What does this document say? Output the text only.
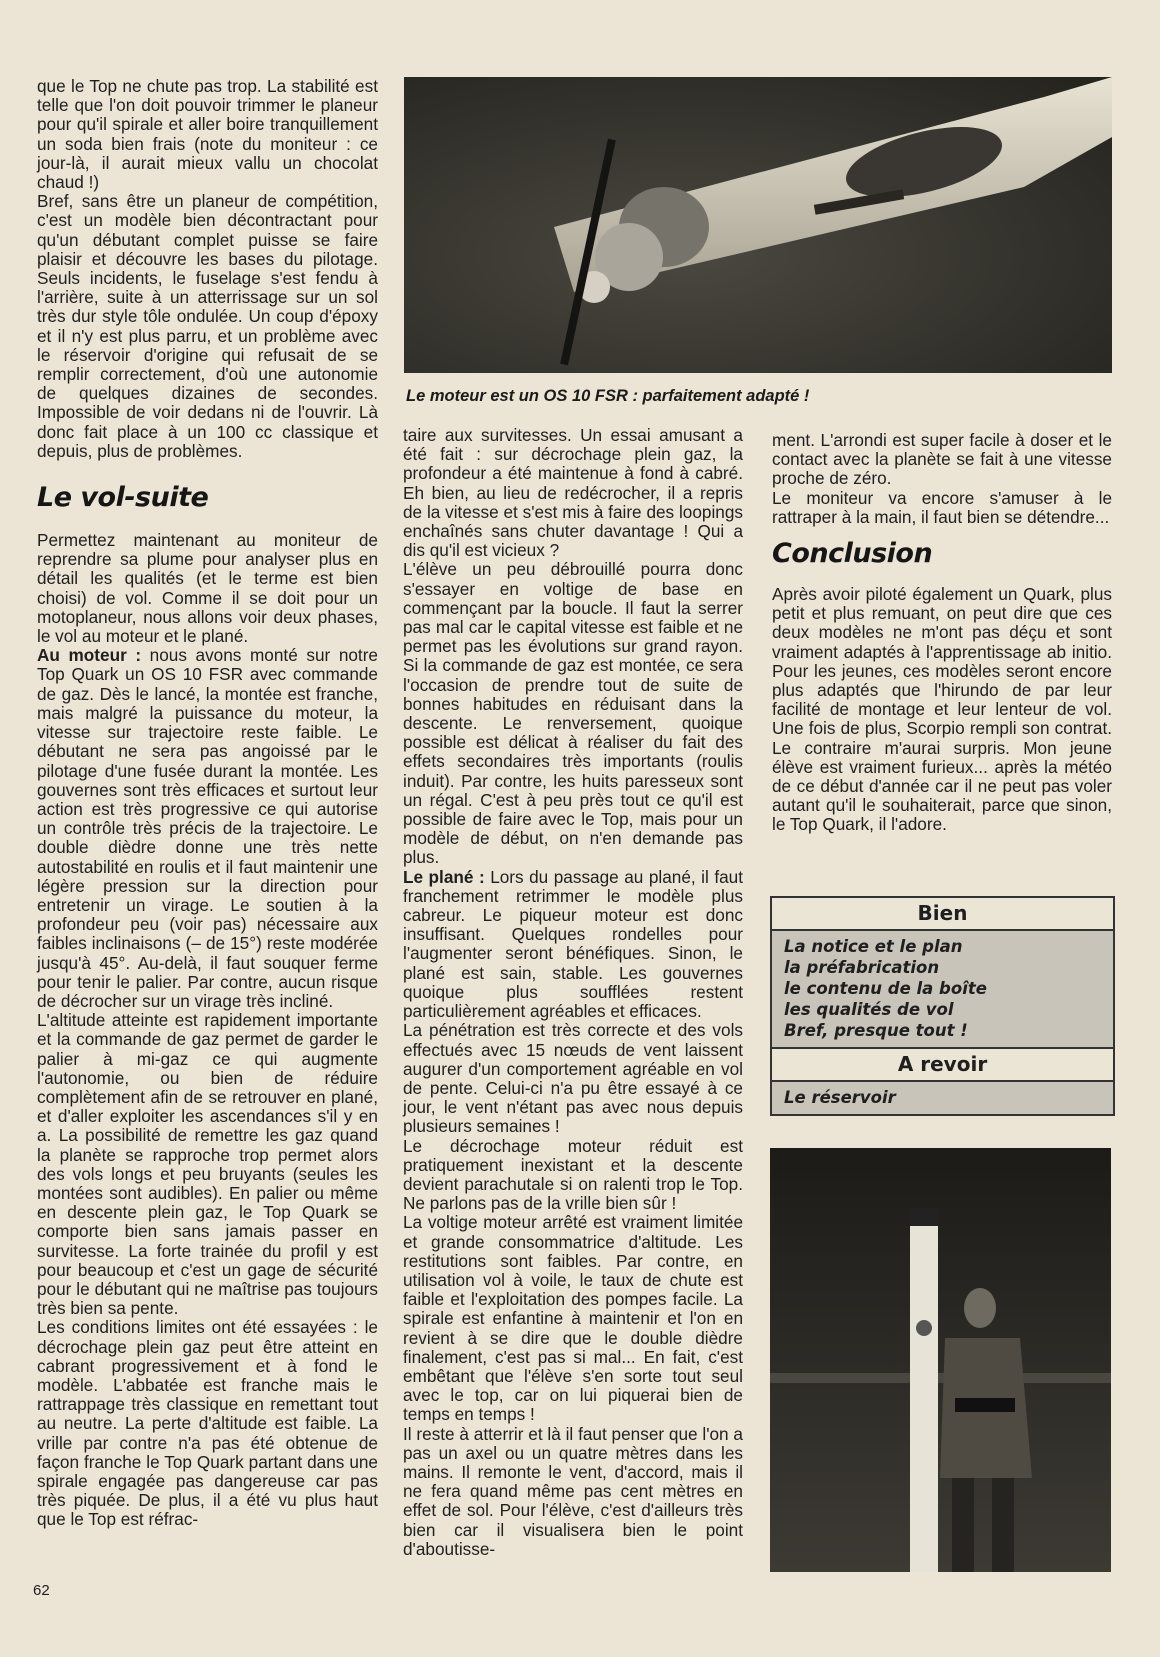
que le Top ne chute pas trop. La stabilité est telle que l'on doit pouvoir trimmer le planeur pour qu'il spirale et aller boire tranquillement un soda bien frais (note du moniteur : ce jour-là, il aurait mieux vallu un chocolat chaud !)

Bref, sans être un planeur de compétition, c'est un modèle bien décontractant pour qu'un débutant complet puisse se faire plaisir et découvre les bases du pilotage. Seuls incidents, le fuselage s'est fendu à l'arrière, suite à un atterrissage sur un sol très dur style tôle ondulée. Un coup d'époxy et il n'y est plus parru, et un problème avec le réservoir d'origine qui refusait de se remplir correctement, d'où une autonomie de quelques dizaines de secondes. Impossible de voir dedans ni de l'ouvrir. Là donc fait place à un 100 cc classique et depuis, plus de problèmes.

Le vol-suite

Permettez maintenant au moniteur de reprendre sa plume pour analyser plus en détail les qualités (et le terme est bien choisi) de vol. Comme il se doit pour un motoplaneur, nous allons voir deux phases, le vol au moteur et le plané.

Au moteur : nous avons monté sur notre Top Quark un OS 10 FSR avec commande de gaz. Dès le lancé, la montée est franche, mais malgré la puissance du moteur, la vitesse sur trajectoire reste faible. Le débutant ne sera pas angoissé par le pilotage d'une fusée durant la montée. Les gouvernes sont très efficaces et surtout leur action est très progressive ce qui autorise un contrôle très précis de la trajectoire. Le double dièdre donne une très nette autostabilité en roulis et il faut maintenir une légère pression sur la direction pour entretenir un virage. Le soutien à la profondeur peu (voir pas) nécessaire aux faibles inclinaisons (– de 15°) reste modérée jusqu'à 45°. Au-delà, il faut souquer ferme pour tenir le palier. Par contre, aucun risque de décrocher sur un virage très incliné.

L'altitude atteinte est rapidement importante et la commande de gaz permet de garder le palier à mi-gaz ce qui augmente l'autonomie, ou bien de réduire complètement afin de se retrouver en plané, et d'aller exploiter les ascendances s'il y en a. La possibilité de remettre les gaz quand la planète se rapproche trop permet alors des vols longs et peu bruyants (seules les montées sont audibles). En palier ou même en descente plein gaz, le Top Quark se comporte bien sans jamais passer en survitesse. La forte trainée du profil y est pour beaucoup et c'est un gage de sécurité pour le débutant qui ne maîtrise pas toujours très bien sa pente.

Les conditions limites ont été essayées : le décrochage plein gaz peut être atteint en cabrant progressivement et à fond le modèle. L'abbatée est franche mais le rattrappage très classique en remettant tout au neutre. La perte d'altitude est faible. La vrille par contre n'a pas été obtenue de façon franche le Top Quark partant dans une spirale engagée pas dangereuse car pas très piquée. De plus, il a été vu plus haut que le Top est réfrac-

Le moteur est un OS 10 FSR : parfaitement adapté !

taire aux survitesses. Un essai amusant a été fait : sur décrochage plein gaz, la profondeur a été maintenue à fond à cabré. Eh bien, au lieu de redécrocher, il a repris de la vitesse et s'est mis à faire des loopings enchaînés sans chuter davantage ! Qui a dis qu'il est vicieux ?

L'élève un peu débrouillé pourra donc s'essayer en voltige de base en commençant par la boucle. Il faut la serrer pas mal car le capital vitesse est faible et ne permet pas les évolutions sur grand rayon. Si la commande de gaz est montée, ce sera l'occasion de prendre tout de suite de bonnes habitudes en réduisant dans la descente. Le renversement, quoique possible est délicat à réaliser du fait des effets secondaires très importants (roulis induit). Par contre, les huits paresseux sont un régal. C'est à peu près tout ce qu'il est possible de faire avec le Top, mais pour un modèle de début, on n'en demande pas plus.

Le plané : Lors du passage au plané, il faut franchement retrimmer le modèle plus cabreur. Le piqueur moteur est donc insuffisant. Quelques rondelles pour l'augmenter seront bénéfiques. Sinon, le plané est sain, stable. Les gouvernes quoique plus soufflées restent particulièrement agréables et efficaces.

La pénétration est très correcte et des vols effectués avec 15 nœuds de vent laissent augurer d'un comportement agréable en vol de pente. Celui-ci n'a pu être essayé à ce jour, le vent n'étant pas avec nous depuis plusieurs semaines !

Le décrochage moteur réduit est pratiquement inexistant et la descente devient parachutale si on ralenti trop le Top. Ne parlons pas de la vrille bien sûr !

La voltige moteur arrêté est vraiment limitée et grande consommatrice d'altitude. Les restitutions sont faibles. Par contre, en utilisation vol à voile, le taux de chute est faible et l'exploitation des pompes facile. La spirale est enfantine à maintenir et l'on en revient à se dire que le double dièdre finalement, c'est pas si mal... En fait, c'est embêtant que l'élève s'en sorte tout seul avec le top, car on lui piquerai bien de temps en temps !

Il reste à atterrir et là il faut penser que l'on a pas un axel ou un quatre mètres dans les mains. Il remonte le vent, d'accord, mais il ne fera quand même pas cent mètres en effet de sol. Pour l'élève, c'est d'ailleurs très bien car il visualisera bien le point d'aboutisse-

ment. L'arrondi est super facile à doser et le contact avec la planète se fait à une vitesse proche de zéro.

Le moniteur va encore s'amuser à le rattraper à la main, il faut bien se détendre...

Conclusion

Après avoir piloté également un Quark, plus petit et plus remuant, on peut dire que ces deux modèles ne m'ont pas déçu et sont vraiment adaptés à l'apprentissage ab initio. Pour les jeunes, ces modèles seront encore plus adaptés que l'hirundo de par leur facilité de montage et leur lenteur de vol. Une fois de plus, Scorpio rempli son contrat. Le contraire m'aurai surpris. Mon jeune élève est vraiment furieux... après la météo de ce début d'année car il ne peut pas voler autant qu'il le souhaiterait, parce que sinon, le Top Quark, il l'adore.

Bien
La notice et le plan
la préfabrication
le contenu de la boîte
les qualités de vol
Bref, presque tout !
A revoir
Le réservoir
62
